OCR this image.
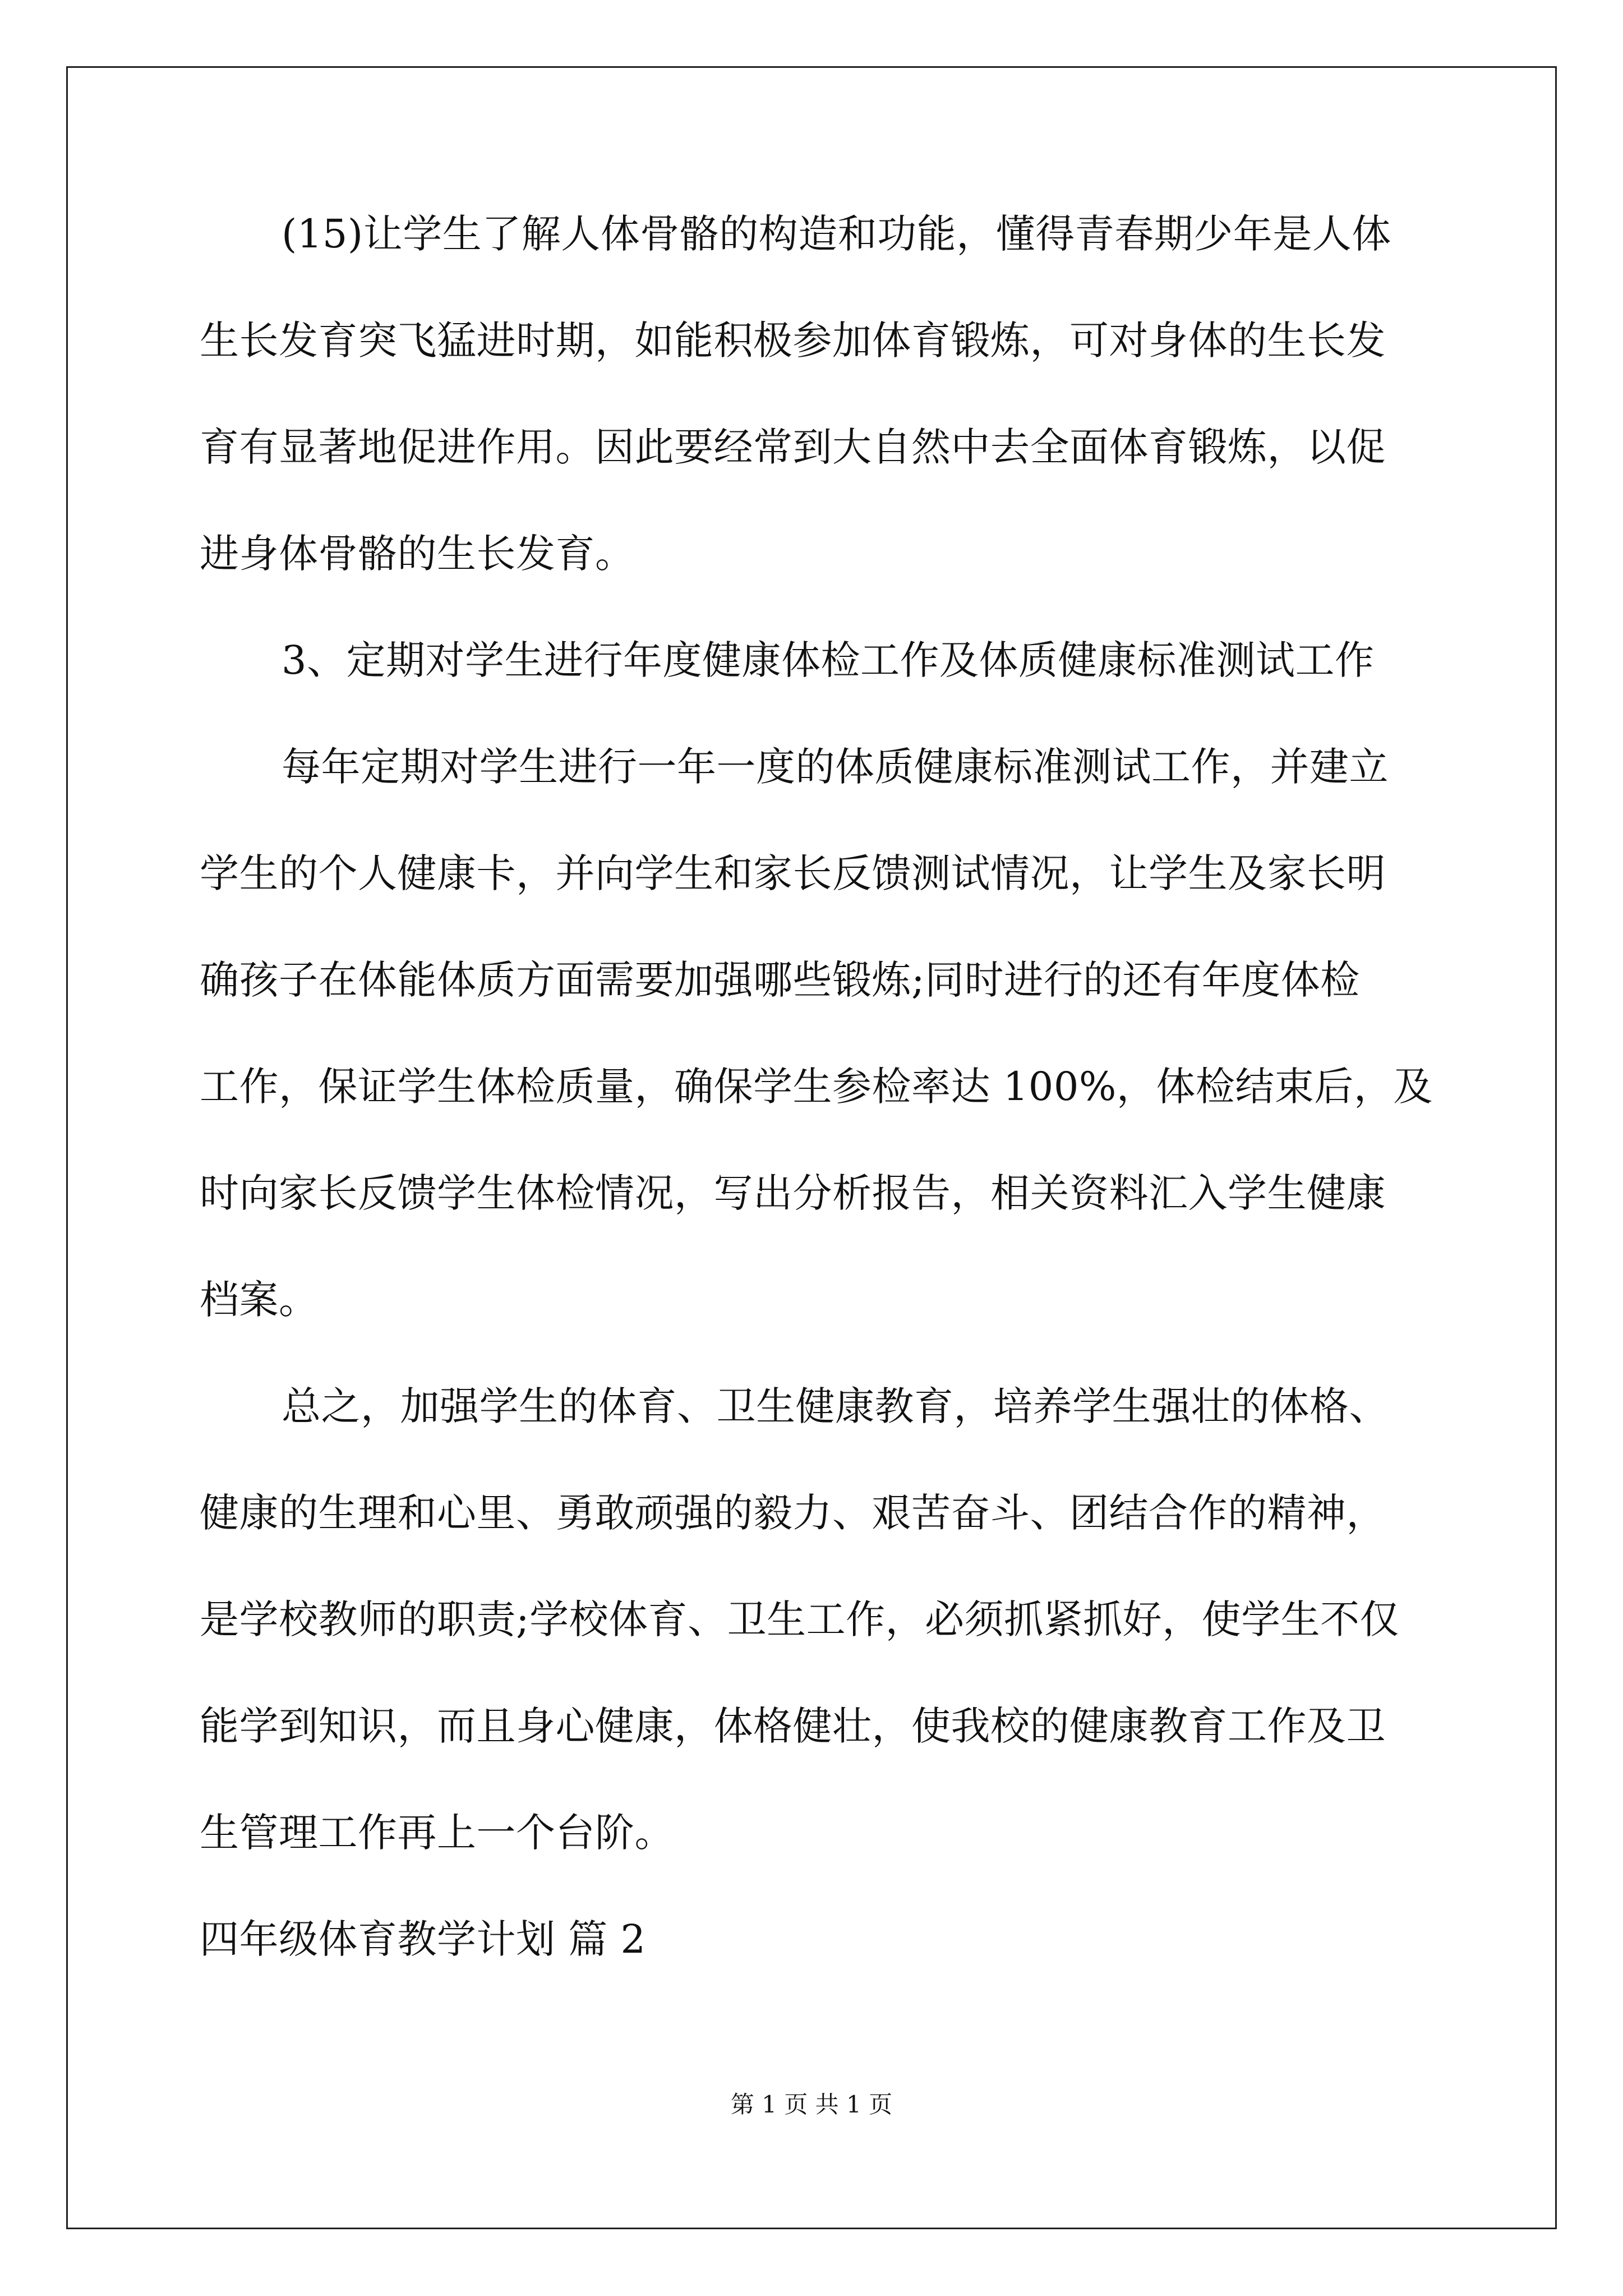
(15)让学生了解人体骨骼的构造和功能，懂得青春期少年是人体
生长发育突飞猛进时期，如能积极参加体育锻炼，可对身体的生长发
育有显著地促进作用。因此要经常到大自然中去全面体育锻炼，以促
进身体骨骼的生长发育。
3、定期对学生进行年度健康体检工作及体质健康标准测试工作
每年定期对学生进行一年一度的体质健康标准测试工作，并建立
学生的个人健康卡，并向学生和家长反馈测试情况，让学生及家长明
确孩子在体能体质方面需要加强哪些锻炼;同时进行的还有年度体检
工作，保证学生体检质量，确保学生参检率达 100%，体检结束后，及
时向家长反馈学生体检情况，写出分析报告，相关资料汇入学生健康
档案。
总之，加强学生的体育、卫生健康教育，培养学生强壮的体格、
健康的生理和心里、勇敢顽强的毅力、艰苦奋斗、团结合作的精神，
是学校教师的职责;学校体育、卫生工作，必须抓紧抓好，使学生不仅
能学到知识，而且身心健康，体格健壮，使我校的健康教育工作及卫
生管理工作再上一个台阶。
四年级体育教学计划 篇 2
第 1 页 共 1 页
